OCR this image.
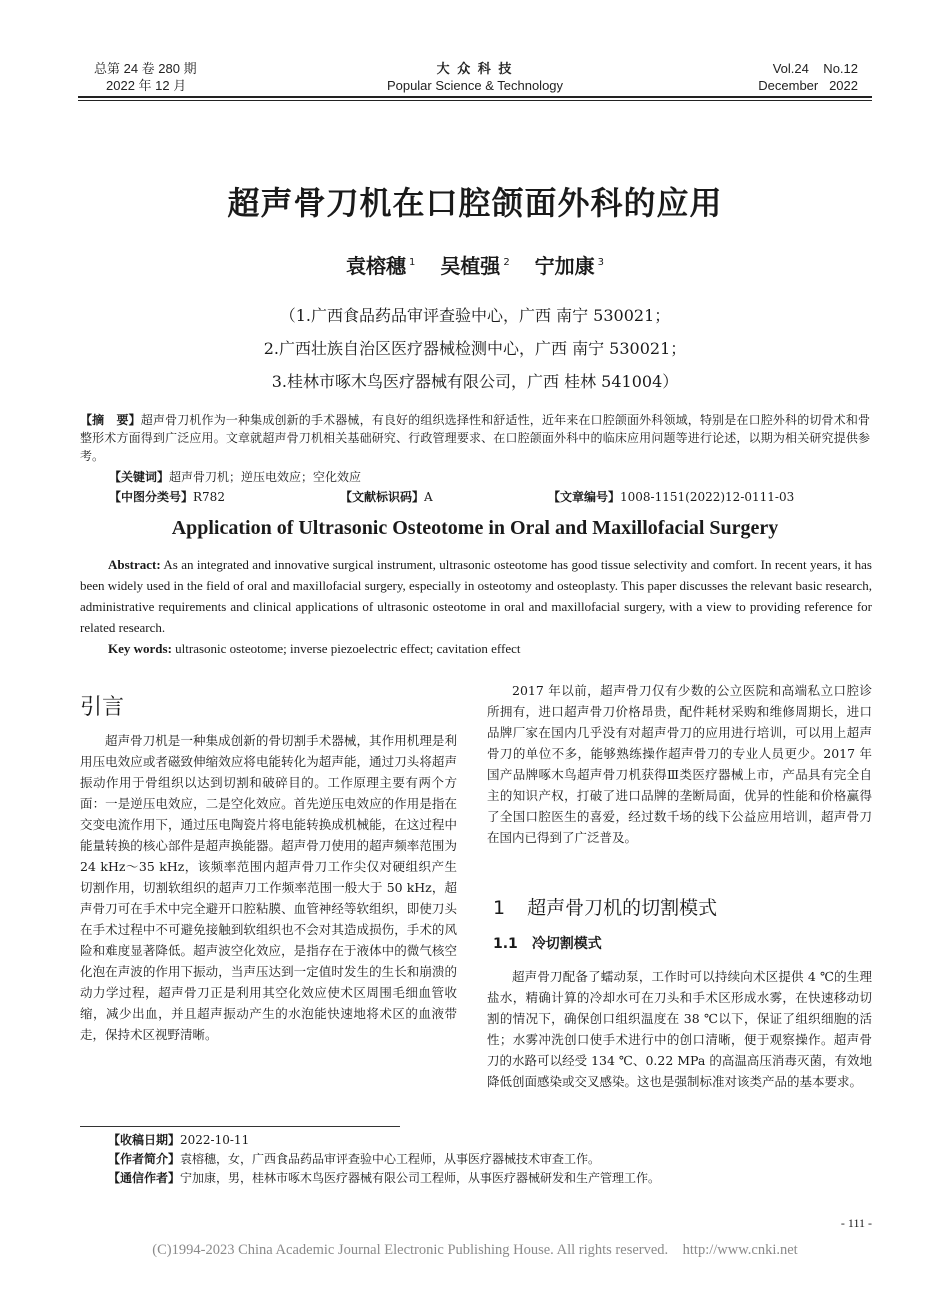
总第 24 卷 280 期
2022 年 12 月
大 众 科 技
Popular Science & Technology
Vol.24    No.12
December   2022
超声骨刀机在口腔颌面外科的应用
袁榕穗 $^1$ 吴植强 $^2$ 宁加康 $^3$
（1.广西食品药品审评查验中心，广西 南宁 530021；
2.广西壮族自治区医疗器械检测中心，广西 南宁 530021；
3.桂林市啄木鸟医疗器械有限公司，广西 桂林 541004）
【摘　要】超声骨刀机作为一种集成创新的手术器械，有良好的组织选择性和舒适性，近年来在口腔颌面外科领域，特别是在口腔外科的切骨术和骨整形术方面得到广泛应用。文章就超声骨刀机相关基础研究、行政管理要求、在口腔颌面外科中的临床应用问题等进行论述，以期为相关研究提供参考。
【关键词】超声骨刀机；逆压电效应；空化效应
【中图分类号】R782	【文献标识码】A	【文章编号】1008-1151(2022)12-0111-03
Application of Ultrasonic Osteotome in Oral and Maxillofacial Surgery
Abstract: As an integrated and innovative surgical instrument, ultrasonic osteotome has good tissue selectivity and comfort. In recent years, it has been widely used in the field of oral and maxillofacial surgery, especially in osteotomy and osteoplasty. This paper discusses the relevant basic research, administrative requirements and clinical applications of ultrasonic osteotome in oral and maxillofacial surgery, with a view to providing reference for related research.
Key words: ultrasonic osteotome; inverse piezoelectric effect; cavitation effect
引言

超声骨刀机是一种集成创新的骨切割手术器械，其作用机理是利用压电效应或者磁致伸缩效应将电能转化为超声能，通过刀头将超声振动作用于骨组织以达到切割和破碎目的。工作原理主要有两个方面：一是逆压电效应，二是空化效应。首先逆压电效应的作用是指在交变电流作用下，通过压电陶瓷片将电能转换成机械能，在这过程中能量转换的核心部件是超声换能器。超声骨刀使用的超声频率范围为 24 kHz～35 kHz，该频率范围内超声骨刀工作尖仅对硬组织产生切割作用，切割软组织的超声刀工作频率范围一般大于 50 kHz，超声骨刀可在手术中完全避开口腔粘膜、血管神经等软组织，即使刀头在手术过程中不可避免接触到软组织也不会对其造成损伤，手术的风险和难度显著降低。超声波空化效应，是指存在于液体中的微气核空化泡在声波的作用下振动，当声压达到一定值时发生的生长和崩溃的动力学过程，超声骨刀正是利用其空化效应使术区周围毛细血管收缩，减少出血，并且超声振动产生的水泡能快速地将术区的血液带走，保持术区视野清晰。

2017 年以前，超声骨刀仅有少数的公立医院和高端私立口腔诊所拥有，进口超声骨刀价格昂贵，配件耗材采购和维修周期长，进口品牌厂家在国内几乎没有对超声骨刀的应用进行培训，可以用上超声骨刀的单位不多，能够熟练操作超声骨刀的专业人员更少。2017 年国产品牌啄木鸟超声骨刀机获得Ⅲ类医疗器械上市，产品具有完全自主的知识产权，打破了进口品牌的垄断局面，优异的性能和价格赢得了全国口腔医生的喜爱，经过数千场的线下公益应用培训，超声骨刀在国内已得到了广泛普及。

1 超声骨刀机的切割模式
1.1 冷切割模式

超声骨刀配备了蠕动泵，工作时可以持续向术区提供 4 ℃的生理盐水，精确计算的冷却水可在刀头和手术区形成水雾，在快速移动切割的情况下，确保创口组织温度在 38 ℃以下，保证了组织细胞的活性；水雾冲洗创口使手术进行中的创口清晰，便于观察操作。超声骨刀的水路可以经受 134 ℃、0.22 MPa 的高温高压消毒灭菌，有效地降低创面感染或交叉感染。这也是强制标准对该类产品的基本要求。

【收稿日期】2022-10-11
【作者简介】袁榕穗，女，广西食品药品审评查验中心工程师，从事医疗器械技术审查工作。
【通信作者】宁加康，男，桂林市啄木鸟医疗器械有限公司工程师，从事医疗器械研发和生产管理工作。
- 111 -
(C)1994-2023 China Academic Journal Electronic Publishing House. All rights reserved.    http://www.cnki.net
